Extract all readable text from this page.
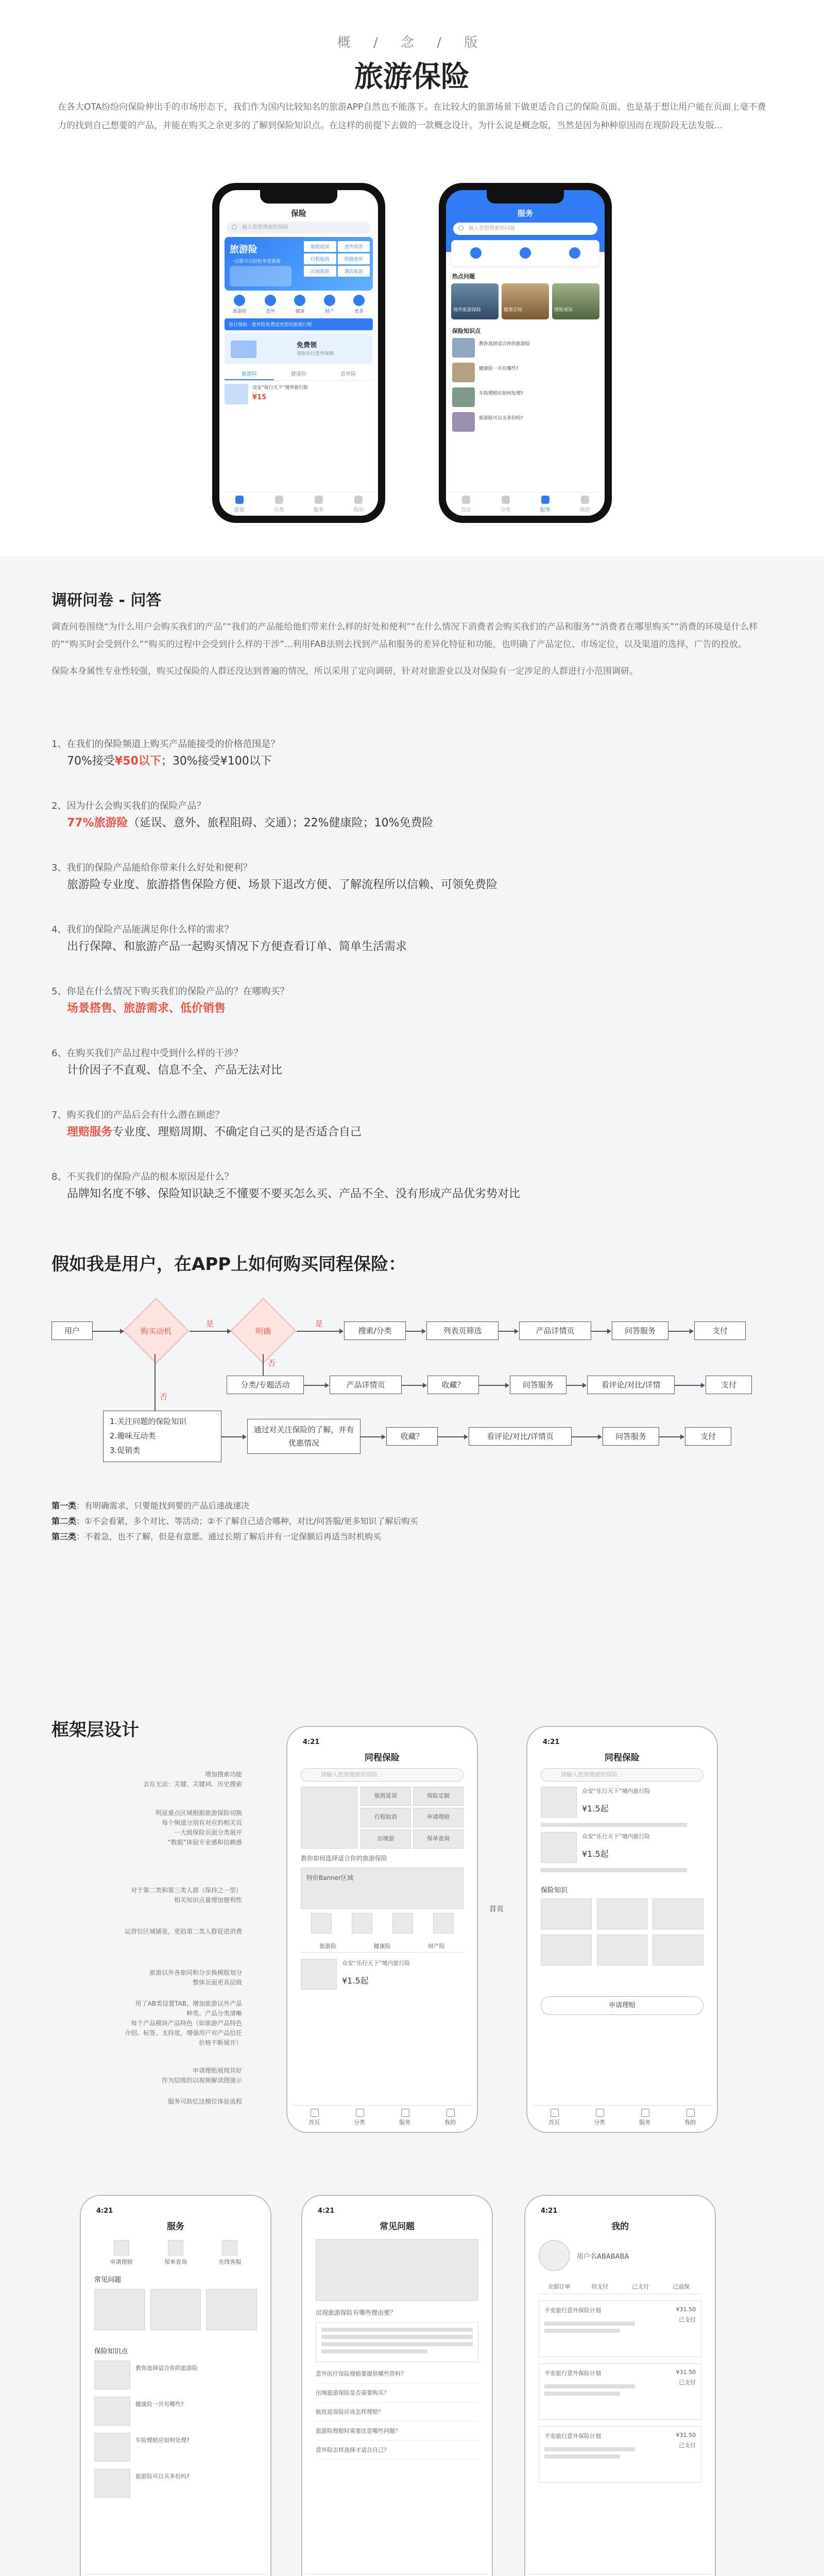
概 / 念 / 版
旅游保险
在各大OTA纷纷向保险伸出手的市场形态下，我们作为国内比较知名的旅游APP自然也不能落下。在比较大的旅游场景下做更适合自己的保险页面、也是基于想让用户能在页面上毫不费力的找到自己想要的产品，并能在购买之余更多的了解到保险知识点。在这样的前提下去做的一款概念设计。为什么说是概念版，当然是因为种种原因而在现阶段无法发版...

保险
输入您想搜索的保险
旅游险
一点就可以轻松享受旅游
航班延误	意外伤害
行程取消	铁路意外
出境旅游	酒店取消
旅游险	意外	健康	财产	更多
每日领取 · 意外险免费送至您的旅游行程
免费领
领取出行意外保障
旅游险	健康险	意外险
众安“保行天下”境外旅行险
¥15
首页	分类	服务	我的
服务
输入您想搜索的问题
热点问题
境外旅游保险	健康告知	理赔须知
保险知识点
教你选择适合你的旅游险
健康险一共有哪些?
车险理赔应如何处理?
旅游险可以买多份吗?
首页	分类	服务	我的
调研问卷 - 问答
调查问卷围绕“为什么用户会购买我们的产品”“我们的产品能给他们带来什么样的好处和便利”“在什么情况下消费者会购买我们的产品和服务”“消费者在哪里购买”“消费的环境是什么样的”“购买时会受到什么”“购买的过程中会受到什么样的干涉”...利用FAB法则去找到产品和服务的差异化特征和功能，也明确了产品定位、市场定位，以及渠道的选择，广告的投放。
保险本身属性专业性较强，购买过保险的人群还没达到普遍的情况，所以采用了定向调研，针对对旅游业以及对保险有一定涉足的人群进行小范围调研。
1、在我们的保险频道上购买产品能接受的价格范围是？
70%接受¥50以下；30%接受¥100以下
2、因为什么会购买我们的保险产品？
77%旅游险（延误、意外、旅程阻碍、交通）；22%健康险；10%免费险
3、我们的保险产品能给你带来什么好处和便利？
旅游险专业度、旅游搭售保险方便、场景下退改方便、了解流程所以信赖、可领免费险
4、我们的保险产品能满足你什么样的需求？
出行保障、和旅游产品一起购买情况下方便查看订单、简单生活需求
5、你是在什么情况下购买我们的保险产品的？在哪购买？
场景搭售、旅游需求、低价销售
6、在购买我们产品过程中受到什么样的干涉？
计价因子不直观、信息不全、产品无法对比
7、购买我们的产品后会有什么潜在顾虑？
理赔服务专业度、理赔周期、不确定自己买的是否适合自己
8、不买我们的保险产品的根本原因是什么？
品牌知名度不够、保险知识缺乏不懂要不要买怎么买、产品不全、没有形成产品优劣势对比
假如我是用户，在APP上如何购买同程保险：
用户	购买动机
是
明确
是
搜索/分类	列表页筛选	产品详情页	问答服务	支付
否
分类/专题活动	产品详情页	收藏？	问答服务	看评论/对比/详情	支付
否
1.关注问题的保险知识
2.趣味互动类
3.促销类
通过对关注保险的了解，并有优惠情况
收藏？	看评论/对比/详情页	问答服务	支付
第一类：有明确需求，只要能找到要的产品后速战速决
第二类：①不会看紧，多个对比、等活动；②不了解自己适合哪种，对比/问答服/更多知识了解后购买
第三类：不着急，也不了解，但是有意愿。通过长期了解后并有一定保额后再适当时机购买
框架层设计
增加搜索功能
去在无法：关键、关键词、历史搜索
明显重点区域根据旅游保险切换
每个频道分别有对应的相关页
一大级保险页面分类展开
“数据”体验专业感和信赖感
对于第二类和第三类人群（保持之一型）
相关知识点量增加便利性
运营位区域铺张，更趋第二类人群促进消费
旅游以外各旅同和分步换模版划分
整体页面更具层级
用了AB类设置TAB，增加旅游以外产品
种类、产品分类清晰
每个产品模块产品特色（如旅游产品特色
介绍、标签、支持度，增强用户对产品信任
价格不断展开）
申请理赔展现其好
作为层级的以视频解读图演示
服务可助忆这模位体验流程
4:21
同程保险
请输入您要搜索的保险
航班延误	保险定制
行程取消	申请理赔
出境游	保单查询
教你如何选择适合你的旅游保险
特价Banner区域
旅游险	健康险	财产险
众安“乐行天下”境内旅行险
¥1.5起
首页	分类	服务	我的
首页
4:21
同程保险
请输入您要搜索的保险
众安“乐行天下”境内旅行险
¥1.5起
众安“乐行天下”境内旅行险
¥1.5起
保险知识
申请理赔
首页	分类	服务	我的
4:21
服务
申请理赔	保单查询	在线客服
常见问题
保险知识点
教你选择适合你的旅游险
健康险一共有哪些?
车险理赔应如何处理?
旅游险可以买多份吗?
4:21
常见问题
出现旅游保险有哪些理由要？
意外医疗保险理赔要提供哪些资料？
出境旅游保险是否需要购买？
航班延误险应该怎样理赔？
旅游险理赔时需要注意哪些问题？
意外险怎样选择才适合自己？
4:21
我的
用户名ABABABA
全部订单	待支付	已支付	已退保
平安旅行意外保险计划	¥31.50
已支付
平安旅行意外保险计划	¥31.50
已支付
平安旅行意外保险计划	¥31.50
已支付
